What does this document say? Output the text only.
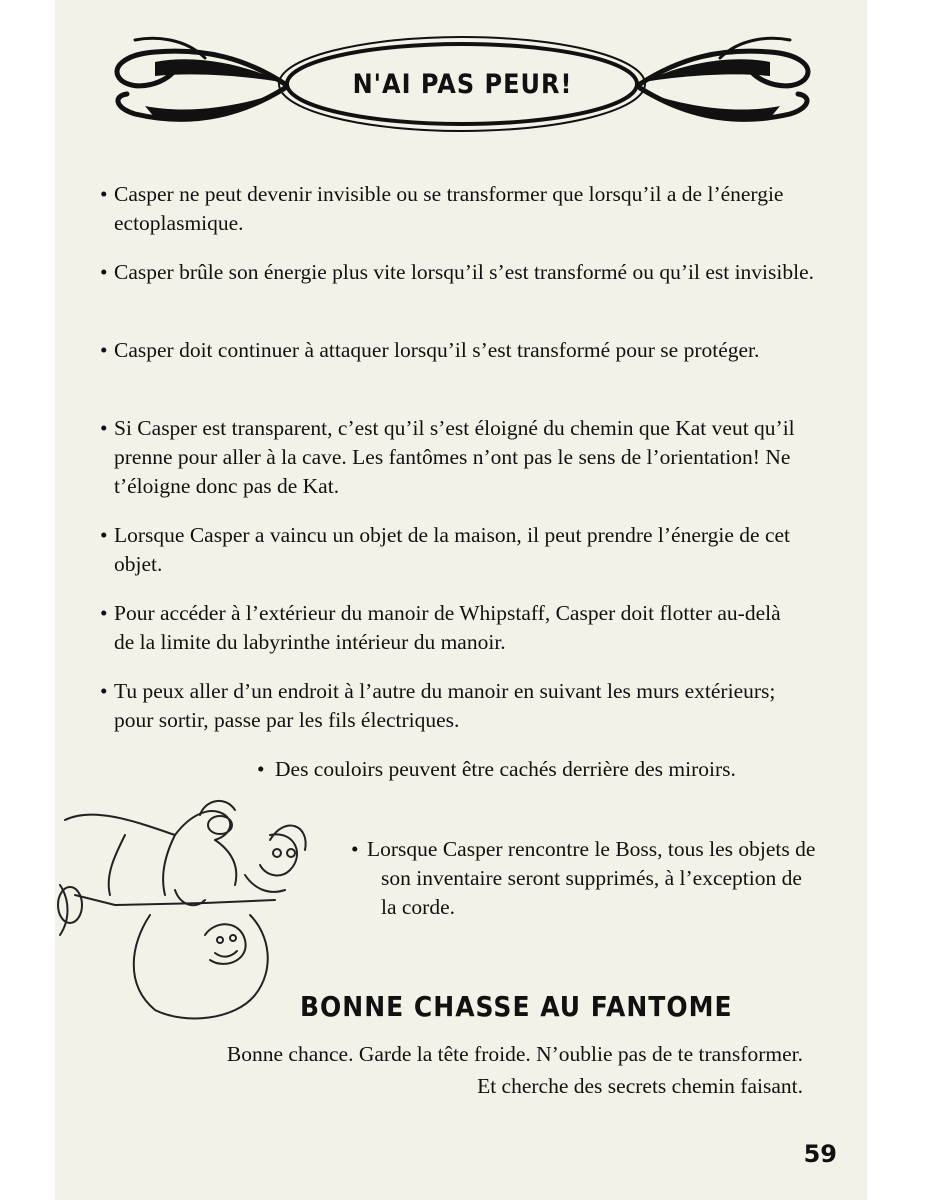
N'AI PAS PEUR!
• Casper ne peut devenir invisible ou se transformer que lorsqu’il a de l’énergie ectoplasmique.
• Casper brûle son énergie plus vite lorsqu’il s’est transformé ou qu’il est invisible.
• Casper doit continuer à attaquer lorsqu’il s’est transformé pour se protéger.
• Si Casper est transparent, c’est qu’il s’est éloigné du chemin que Kat veut qu’il prenne pour aller à la cave. Les fantômes n’ont pas le sens de l’orientation! Ne t’éloigne donc pas de Kat.
• Lorsque Casper a vaincu un objet de la maison, il peut prendre l’énergie de cet objet.
• Pour accéder à l’extérieur du manoir de Whipstaff, Casper doit flotter au-delà de la limite du labyrinthe intérieur du manoir.
• Tu peux aller d’un endroit à l’autre du manoir en suivant les murs extérieurs; pour sortir, passe par les fils électriques.
• Des couloirs peuvent être cachés derrière des miroirs.
• Lorsque Casper rencontre le Boss, tous les objets de son inventaire seront supprimés, à l’exception de la corde.
BONNE CHASSE AU FANTOME
Bonne chance. Garde la tête froide. N’oublie pas de te transformer. Et cherche des secrets chemin faisant.
59
